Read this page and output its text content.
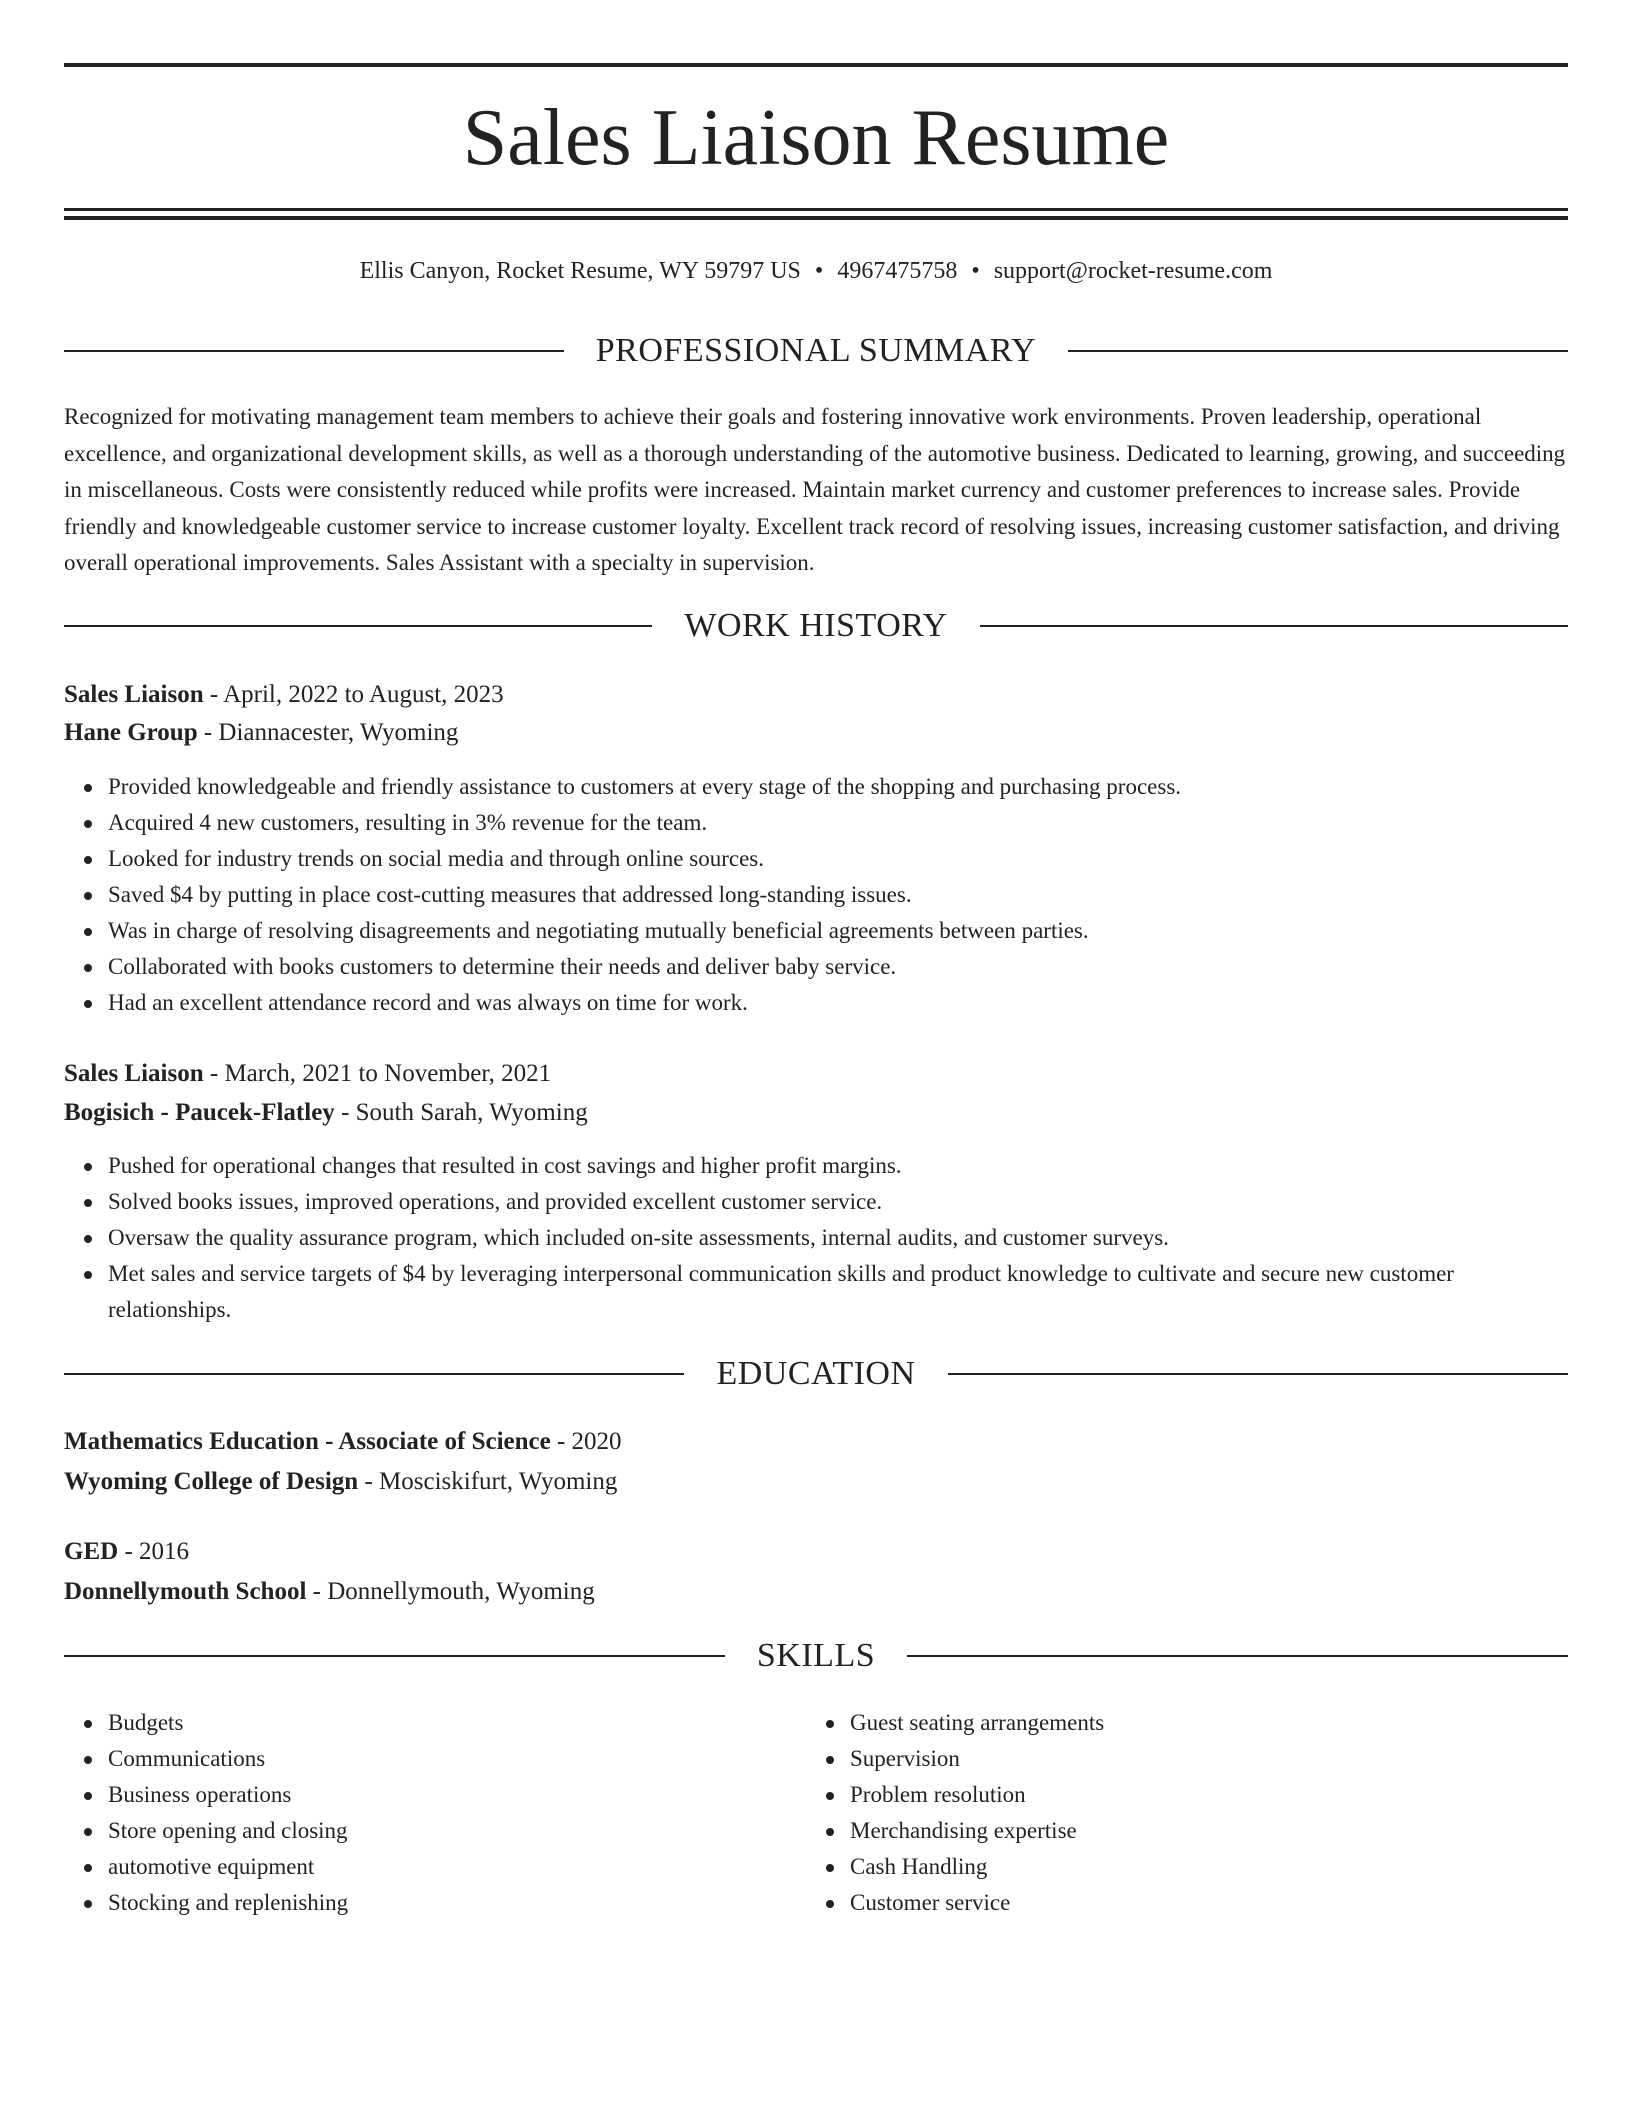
Sales Liaison Resume
Ellis Canyon, Rocket Resume, WY 59797 US • 4967475758 • support@rocket-resume.com
PROFESSIONAL SUMMARY

Recognized for motivating management team members to achieve their goals and fostering innovative work environments. Proven leadership, operational excellence, and organizational development skills, as well as a thorough understanding of the automotive business. Dedicated to learning, growing, and succeeding in miscellaneous. Costs were consistently reduced while profits were increased. Maintain market currency and customer preferences to increase sales. Provide friendly and knowledgeable customer service to increase customer loyalty. Excellent track record of resolving issues, increasing customer satisfaction, and driving overall operational improvements. Sales Assistant with a specialty in supervision.

WORK HISTORY
Sales Liaison - April, 2022 to August, 2023
Hane Group - Diannacester, Wyoming
Provided knowledgeable and friendly assistance to customers at every stage of the shopping and purchasing process.
Acquired 4 new customers, resulting in 3% revenue for the team.
Looked for industry trends on social media and through online sources.
Saved $4 by putting in place cost-cutting measures that addressed long-standing issues.
Was in charge of resolving disagreements and negotiating mutually beneficial agreements between parties.
Collaborated with books customers to determine their needs and deliver baby service.
Had an excellent attendance record and was always on time for work.
Sales Liaison - March, 2021 to November, 2021
Bogisich - Paucek-Flatley - South Sarah, Wyoming
Pushed for operational changes that resulted in cost savings and higher profit margins.
Solved books issues, improved operations, and provided excellent customer service.
Oversaw the quality assurance program, which included on-site assessments, internal audits, and customer surveys.
Met sales and service targets of $4 by leveraging interpersonal communication skills and product knowledge to cultivate and secure new customer relationships.
EDUCATION
Mathematics Education - Associate of Science - 2020
Wyoming College of Design - Mosciskifurt, Wyoming
GED - 2016
Donnellymouth School - Donnellymouth, Wyoming
SKILLS
Budgets
Communications
Business operations
Store opening and closing
automotive equipment
Stocking and replenishing
Guest seating arrangements
Supervision
Problem resolution
Merchandising expertise
Cash Handling
Customer service
